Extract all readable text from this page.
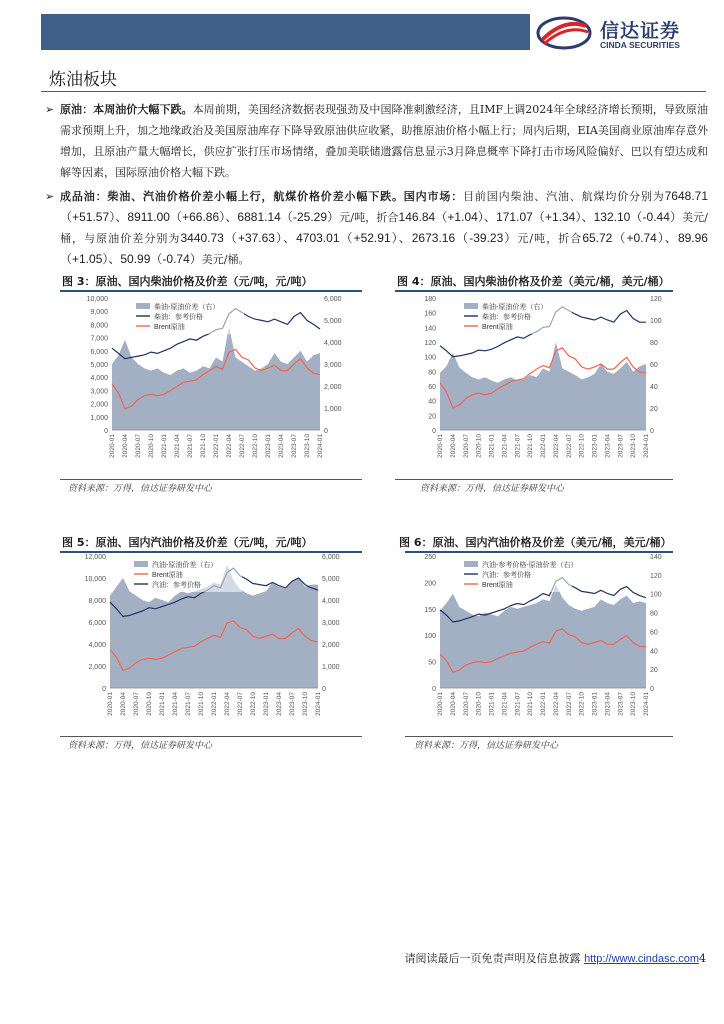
信达证券
CINDA SECURITIES
炼油板块
➢ 原油：本周油价大幅下跌。本周前期，美国经济数据表现强劲及中国降准刺激经济，且IMF上调2024年全球经济增长预期，导致原油需求预期上升，加之地缘政治及美国原油库存下降导致原油供应收紧，助推原油价格小幅上行；周内后期，EIA美国商业原油库存意外增加，且原油产量大幅增长，供应扩张打压市场情绪，叠加美联储遗露信息显示3月降息概率下降打击市场风险偏好、巴以有望达成和解等因素，国际原油价格大幅下跌。
➢ 成品油：柴油、汽油价格价差小幅上行，航煤价格价差小幅下跌。国内市场：目前国内柴油、汽油、航煤均价分别为7648.71（+51.57）、8911.00（+66.86）、6881.14（-25.29）元/吨，折合146.84（+1.04）、171.07（+1.34）、132.10（-0.44）美元/桶，与原油价差分别为3440.73（+37.63）、4703.01（+52.91）、2673.16（-39.23）元/吨，折合65.72（+0.74）、89.96（+1.05）、50.99（-0.74）美元/桶。
图 3：原油、国内柴油价格及价差（元/吨，元/吨）
0
1,000
2,000
3,000
4,000
5,000
6,000
7,000
8,000
9,000
10,000
0
1,000
2,000
3,000
4,000
5,000
6,000
2020-01 2020-04 2020-07 2020-10 2021-01 2021-04 2021-07 2021-10 2022-01 2022-04 2022-07 2022-10 2023-01 2023-04 2023-07 2023-10 2024-01
柴油-原油价差（右）
柴油：参考价格
Brent原油
资料来源：万得，信达证券研发中心
图 4：原油、国内柴油价格及价差（美元/桶，美元/桶）
0
20
40
60
80
100
120
140
160
180
0
20
40
60
80
100
120
2020-01 2020-04 2020-07 2020-10 2021-01 2021-04 2021-07 2021-10 2022-01 2022-04 2022-07 2022-10 2023-01 2023-04 2023-07 2023-10 2024-01
柴油-原油价差（右）
柴油：参考价格
Brent原油
资料来源：万得，信达证券研发中心
图 5：原油、国内汽油价格及价差（元/吨，元/吨）
0
2,000
4,000
6,000
8,000
10,000
12,000
0
1,000
2,000
3,000
4,000
5,000
6,000
2020-01 2020-04 2020-07 2020-10 2021-01 2021-04 2021-07 2021-10 2022-01 2022-04 2022-07 2022-10 2023-01 2023-04 2023-07 2023-10 2024-01
汽油-原油价差（右）
Brent原油
汽油：参考价格
资料来源：万得，信达证券研发中心
图 6：原油、国内汽油价格及价差（美元/桶，美元/桶）
0
50
100
150
200
250
0
20
40
60
80
100
120
140
2020-01 2020-04 2020-07 2020-10 2021-01 2021-04 2021-07 2021-10 2022-01 2022-04 2022-07 2022-10 2023-01 2023-04 2023-07 2023-10 2024-01
汽油-参考价格-原油价差（右）
汽油：参考价格
Brent原油
资料来源：万得，信达证券研发中心
请阅读最后一页免责声明及信息披露 http://www.cindasc.com4
